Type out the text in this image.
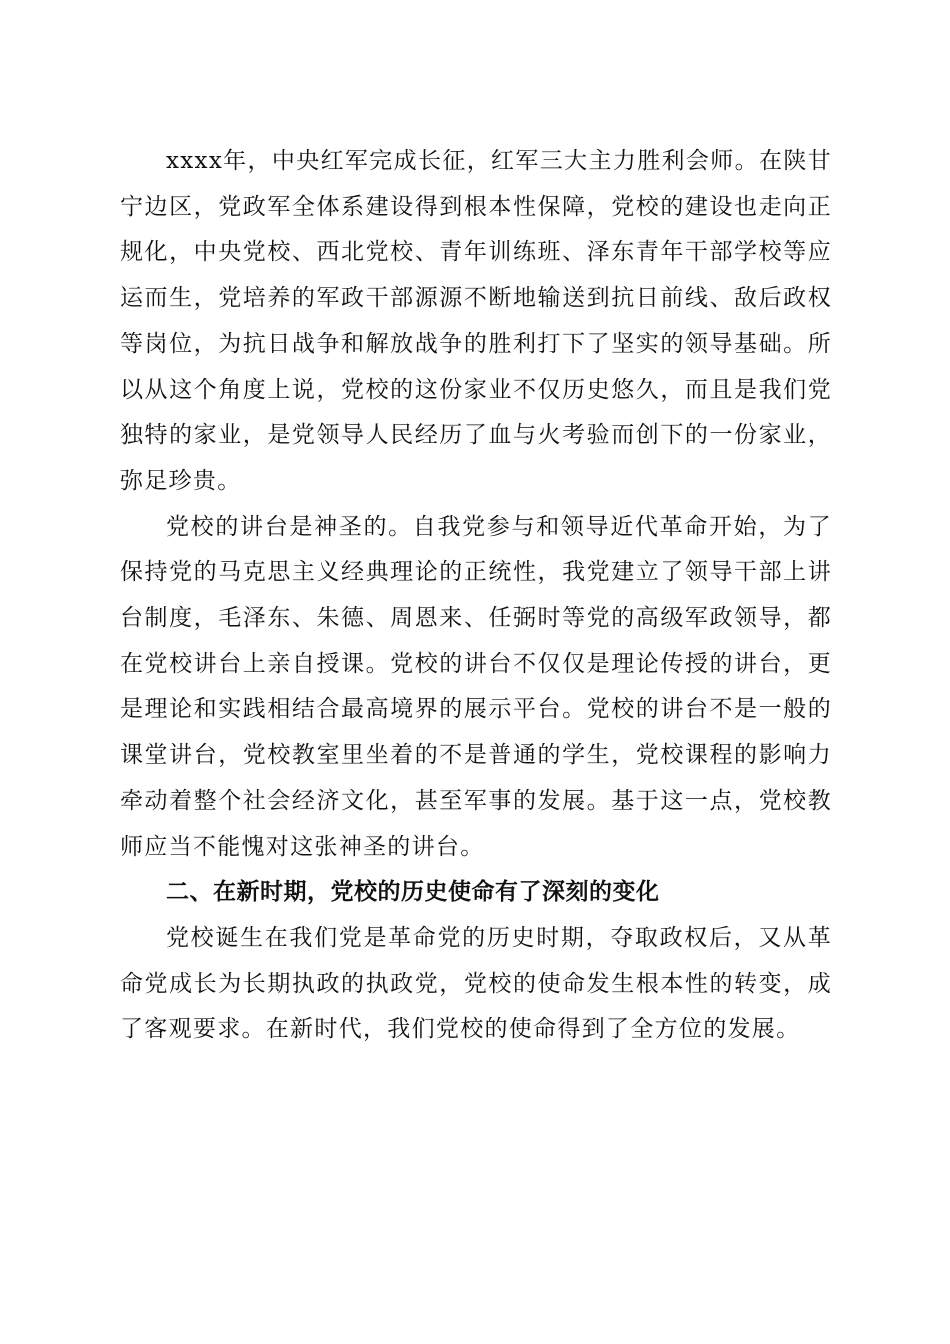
xxxx年，中央红军完成长征，红军三大主力胜利会师。在陕甘宁边区，党政军全体系建设得到根本性保障，党校的建设也走向正规化，中央党校、西北党校、青年训练班、泽东青年干部学校等应运而生，党培养的军政干部源源不断地输送到抗日前线、敌后政权等岗位，为抗日战争和解放战争的胜利打下了坚实的领导基础。所以从这个角度上说，党校的这份家业不仅历史悠久，而且是我们党独特的家业，是党领导人民经历了血与火考验而创下的一份家业，弥足珍贵。

党校的讲台是神圣的。自我党参与和领导近代革命开始，为了保持党的马克思主义经典理论的正统性，我党建立了领导干部上讲台制度，毛泽东、朱德、周恩来、任弼时等党的高级军政领导，都在党校讲台上亲自授课。党校的讲台不仅仅是理论传授的讲台，更是理论和实践相结合最高境界的展示平台。党校的讲台不是一般的课堂讲台，党校教室里坐着的不是普通的学生，党校课程的影响力牵动着整个社会经济文化，甚至军事的发展。基于这一点，党校教师应当不能愧对这张神圣的讲台。

二、在新时期，党校的历史使命有了深刻的变化

党校诞生在我们党是革命党的历史时期，夺取政权后，又从革命党成长为长期执政的执政党，党校的使命发生根本性的转变，成了客观要求。在新时代，我们党校的使命得到了全方位的发展。
